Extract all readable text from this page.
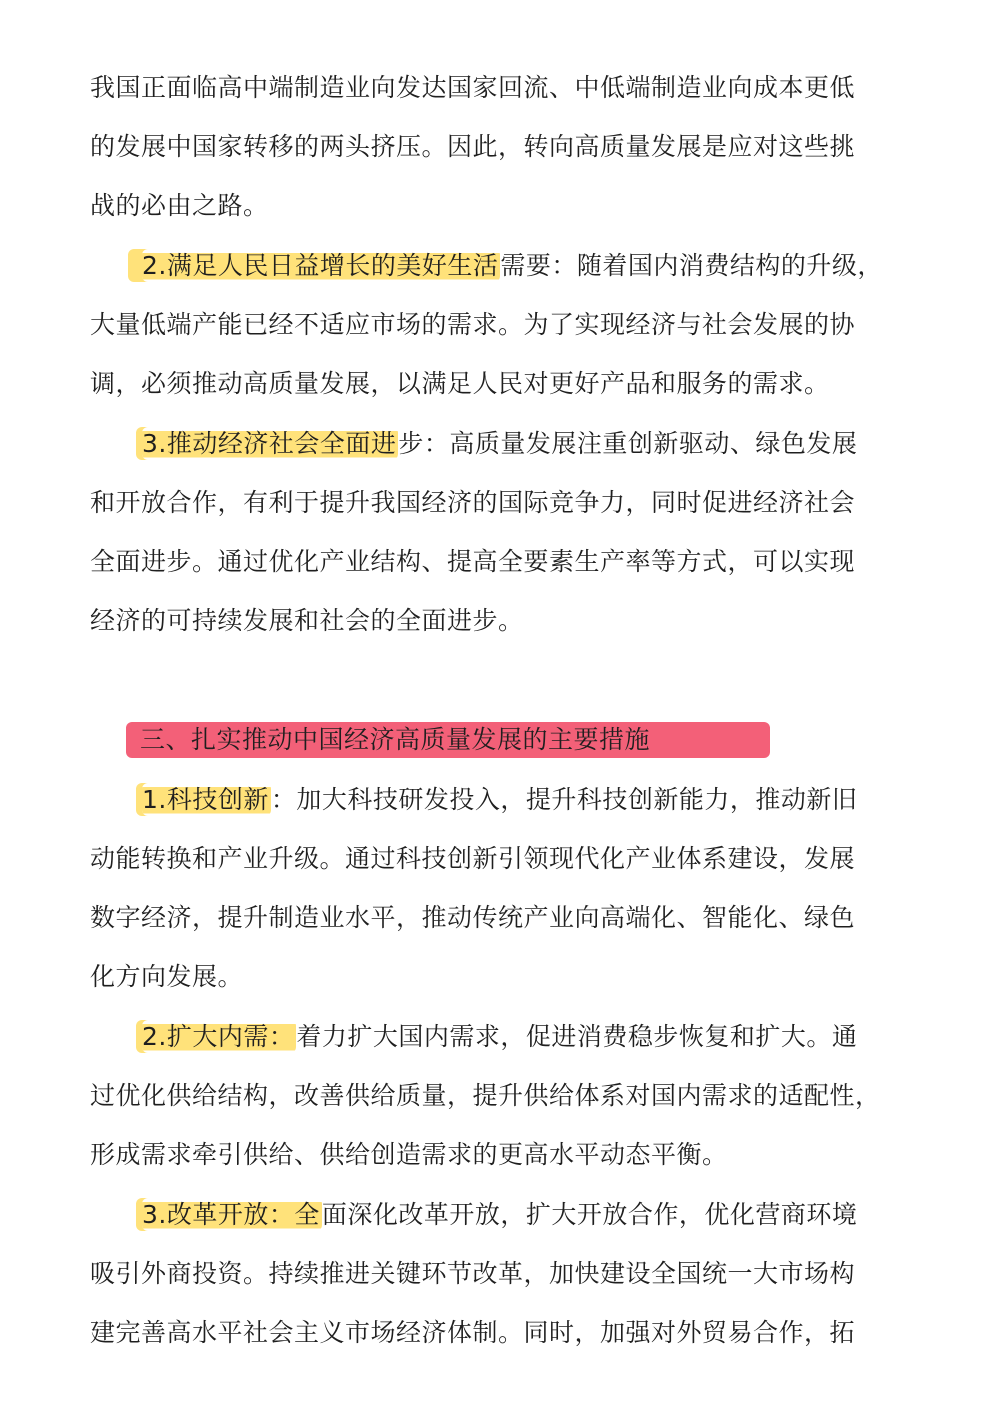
我国正面临高中端制造业向发达国家回流、中低端制造业向成本更低
的发展中国家转移的两头挤压。因此，转向高质量发展是应对这些挑
战的必由之路。
2.满足人民日益增长的美好生活需要：随着国内消费结构的升级，
大量低端产能已经不适应市场的需求。为了实现经济与社会发展的协
调，必须推动高质量发展，以满足人民对更好产品和服务的需求。
3.推动经济社会全面进步：高质量发展注重创新驱动、绿色发展
和开放合作，有利于提升我国经济的国际竞争力，同时促进经济社会
全面进步。通过优化产业结构、提高全要素生产率等方式，可以实现
经济的可持续发展和社会的全面进步。
三、扎实推动中国经济高质量发展的主要措施
1.科技创新：加大科技研发投入，提升科技创新能力，推动新旧
动能转换和产业升级。通过科技创新引领现代化产业体系建设，发展
数字经济，提升制造业水平，推动传统产业向高端化、智能化、绿色
化方向发展。
2.扩大内需：着力扩大国内需求，促进消费稳步恢复和扩大。通
过优化供给结构，改善供给质量，提升供给体系对国内需求的适配性，
形成需求牵引供给、供给创造需求的更高水平动态平衡。
3.改革开放：全面深化改革开放，扩大开放合作，优化营商环境
吸引外商投资。持续推进关键环节改革，加快建设全国统一大市场构
建完善高水平社会主义市场经济体制。同时，加强对外贸易合作，拓
